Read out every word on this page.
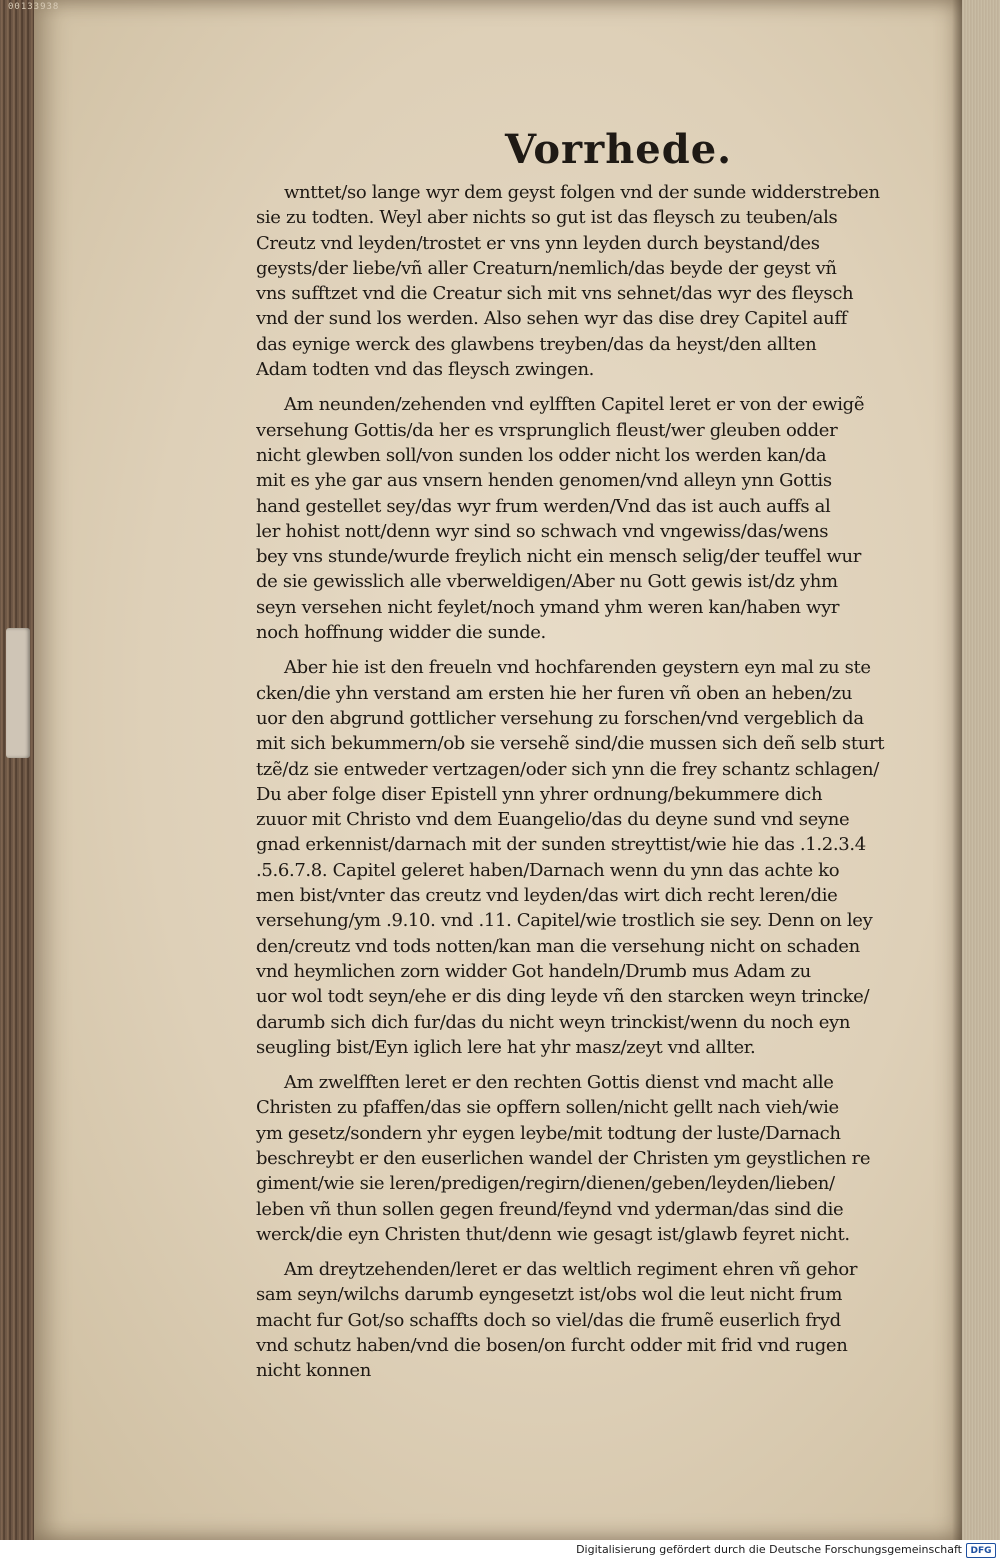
00133938
Vorrhede.
wnttet/so lange wyr dem geyst folgen vnd der sunde widderstreben
sie zu todten. Weyl aber nichts so gut ist das fleysch zu teuben/als
Creutz vnd leyden/trostet er vns ynn leyden durch beystand/des
geysts/der liebe/vñ aller Creaturn/nemlich/das beyde der geyst vñ
vns sufftzet vnd die Creatur sich mit vns sehnet/das wyr des fleysch
vnd der sund los werden. Also sehen wyr das dise drey Capitel auff
das eynige werck des glawbens treyben/das da heyst/den allten
Adam todten vnd das fleysch zwingen.
Am neunden/zehenden vnd eylfften Capitel leret er von der ewigẽ
versehung Gottis/da her es vrsprunglich fleust/wer gleuben odder
nicht glewben soll/von sunden los odder nicht los werden kan/da
mit es yhe gar aus vnsern henden genomen/vnd alleyn ynn Gottis
hand gestellet sey/das wyr frum werden/Vnd das ist auch auffs al
ler hohist nott/denn wyr sind so schwach vnd vngewiss/das/wens
bey vns stunde/wurde freylich nicht ein mensch selig/der teuffel wur
de sie gewisslich alle vberweldigen/Aber nu Gott gewis ist/dz yhm
seyn versehen nicht feylet/noch ymand yhm weren kan/haben wyr
noch hoffnung widder die sunde.
Aber hie ist den freueln vnd hochfarenden geystern eyn mal zu ste
cken/die yhn verstand am ersten hie her furen vñ oben an heben/zu
uor den abgrund gottlicher versehung zu forschen/vnd vergeblich da
mit sich bekummern/ob sie versehẽ sind/die mussen sich deñ selb sturt
tzẽ/dz sie entweder vertzagen/oder sich ynn die frey schantz schlagen/
Du aber folge diser Epistell ynn yhrer ordnung/bekummere dich
zuuor mit Christo vnd dem Euangelio/das du deyne sund vnd seyne
gnad erkennist/darnach mit der sunden streyttist/wie hie das .1.2.3.4
.5.6.7.8. Capitel geleret haben/Darnach wenn du ynn das achte ko
men bist/vnter das creutz vnd leyden/das wirt dich recht leren/die
versehung/ym .9.10. vnd .11. Capitel/wie trostlich sie sey. Denn on ley
den/creutz vnd tods notten/kan man die versehung nicht on schaden
vnd heymlichen zorn widder Got handeln/Drumb mus Adam zu
uor wol todt seyn/ehe er dis ding leyde vñ den starcken weyn trincke/
darumb sich dich fur/das du nicht weyn trinckist/wenn du noch eyn
seugling bist/Eyn iglich lere hat yhr masz/zeyt vnd allter.
Am zwelfften leret er den rechten Gottis dienst vnd macht alle
Christen zu pfaffen/das sie opffern sollen/nicht gellt nach vieh/wie
ym gesetz/sondern yhr eygen leybe/mit todtung der luste/Darnach
beschreybt er den euserlichen wandel der Christen ym geystlichen re
giment/wie sie leren/predigen/regirn/dienen/geben/leyden/lieben/
leben vñ thun sollen gegen freund/feynd vnd yderman/das sind die
werck/die eyn Christen thut/denn wie gesagt ist/glawb feyret nicht.
Am dreytzehenden/leret er das weltlich regiment ehren vñ gehor
sam seyn/wilchs darumb eyngesetzt ist/obs wol die leut nicht frum
macht fur Got/so schaffts doch so viel/das die frumẽ euserlich fryd
vnd schutz haben/vnd die bosen/on furcht odder mit frid vnd rugen
nicht konnen
Digitalisierung gefördert durch die Deutsche Forschungsgemeinschaft DFG
